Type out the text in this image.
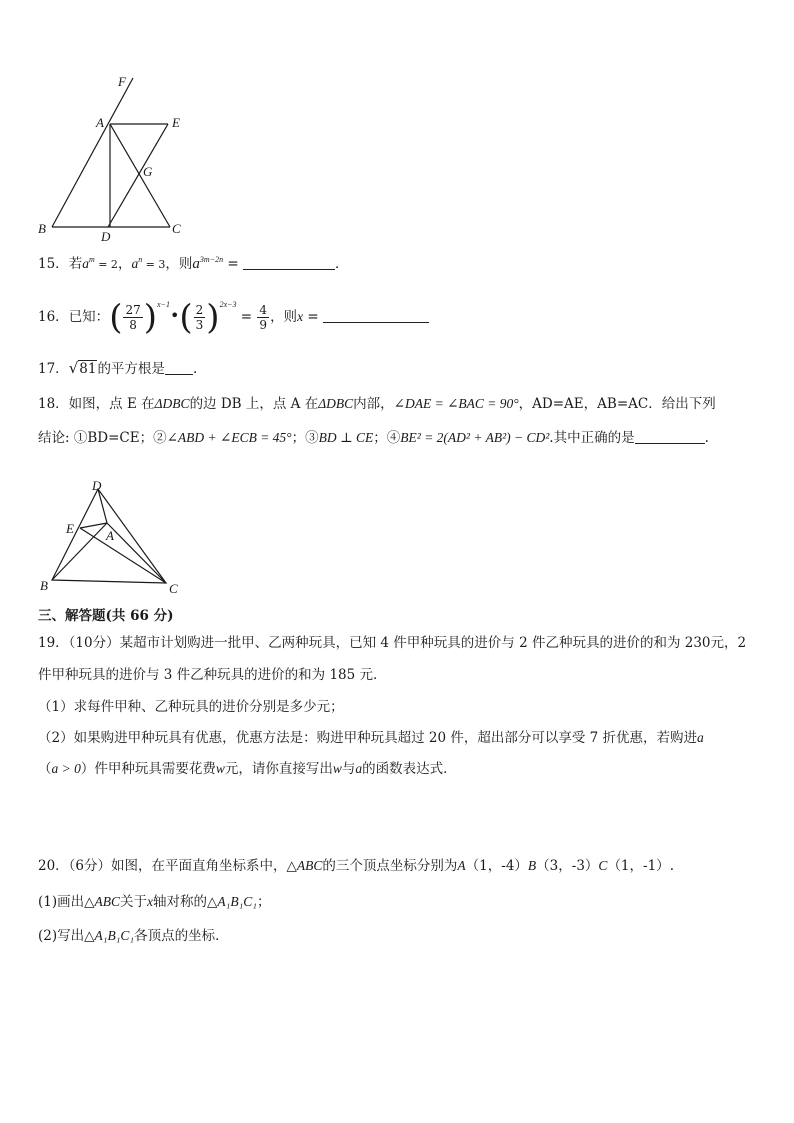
F
A	E
G
B
D
C
15．若$a^m = 2$，$a^n = 3$，则$a^{3m-2n}$ =	．
16．已知：( $\frac{27}{8}$ )$^{x-1}$•( $\frac{2}{3} )^{2x-3} = \frac{4}{9}$ ，则x =
17．√81的平方根是 .
18．如图，点 E 在ΔDBC的边 DB 上，点 A 在ΔDBC内部，∠DAE = ∠BAC = 90°，AD=AE，AB=AC．给出下列
结论: ①BD=CE；②∠ABD + ∠ECB = 45°；③BD ⊥ CE；④BE² = 2(AD² + AB²) − CD².其中正确的是	.
D
E A
B	C
三、解答题(共 66 分)
19．（10分）某超市计划购进一批甲、乙两种玩具，已知 4 件甲种玩具的进价与 2 件乙种玩具的进价的和为 230元，2
件甲种玩具的进价与 3 件乙种玩具的进价的和为 185 元．
（1）求每件甲种、乙种玩具的进价分别是多少元；
（2）如果购进甲种玩具有优惠，优惠方法是：购进甲种玩具超过 20 件，超出部分可以享受 7 折优惠，若购进a
（a > 0）件甲种玩具需要花费w元，请你直接写出w与a的函数表达式．
20．（6分）如图，在平面直角坐标系中，△ABC的三个顶点坐标分别为A（1，-4）B（3，-3）C（1，-1）.
(1)画出△ABC关于x轴对称的△A₁B₁C₁；
(2)写出△A₁B₁C₁各顶点的坐标．
